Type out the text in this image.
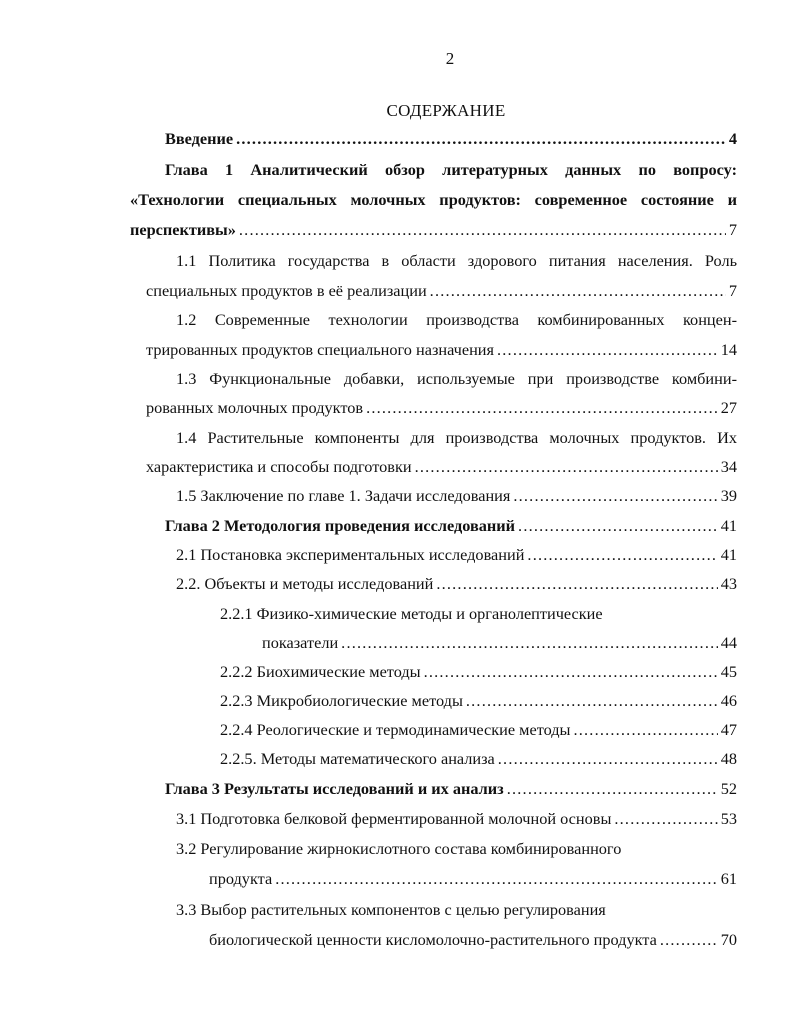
2
СОДЕРЖАНИЕ
Введение .....	4
Глава 1 Аналитический обзор литературных данных по вопросу:
«Технологии специальных молочных продуктов: современное состояние и
перспективы» .....	7
1.1 Политика государства в области здорового питания населения. Роль
специальных продуктов в её реализации .....	7
1.2 Современные технологии производства комбинированных концен-
трированных продуктов специального назначения .....	14
1.3 Функциональные добавки, используемые при производстве комбини-
рованных молочных продуктов .....	27
1.4 Растительные компоненты для производства молочных продуктов. Их
характеристика и способы подготовки .....	34
1.5 Заключение по главе 1. Задачи исследования .....	39
Глава 2 Методология проведения исследований .....	41
2.1 Постановка экспериментальных исследований .....	41
2.2. Объекты и методы исследований .....	43
2.2.1 Физико-химические методы и органолептические
показатели .....	44
2.2.2 Биохимические методы .....	45
2.2.3 Микробиологические методы .....	46
2.2.4 Реологические и термодинамические методы .....	47
2.2.5. Методы математического анализа .....	48
Глава 3 Результаты исследований и их анализ .....	52
3.1 Подготовка белковой ферментированной молочной основы .....	53
3.2 Регулирование жирнокислотного состава комбинированного
продукта .....	61
3.3 Выбор растительных компонентов с целью регулирования
биологической ценности кисломолочно-растительного продукта .....	70
